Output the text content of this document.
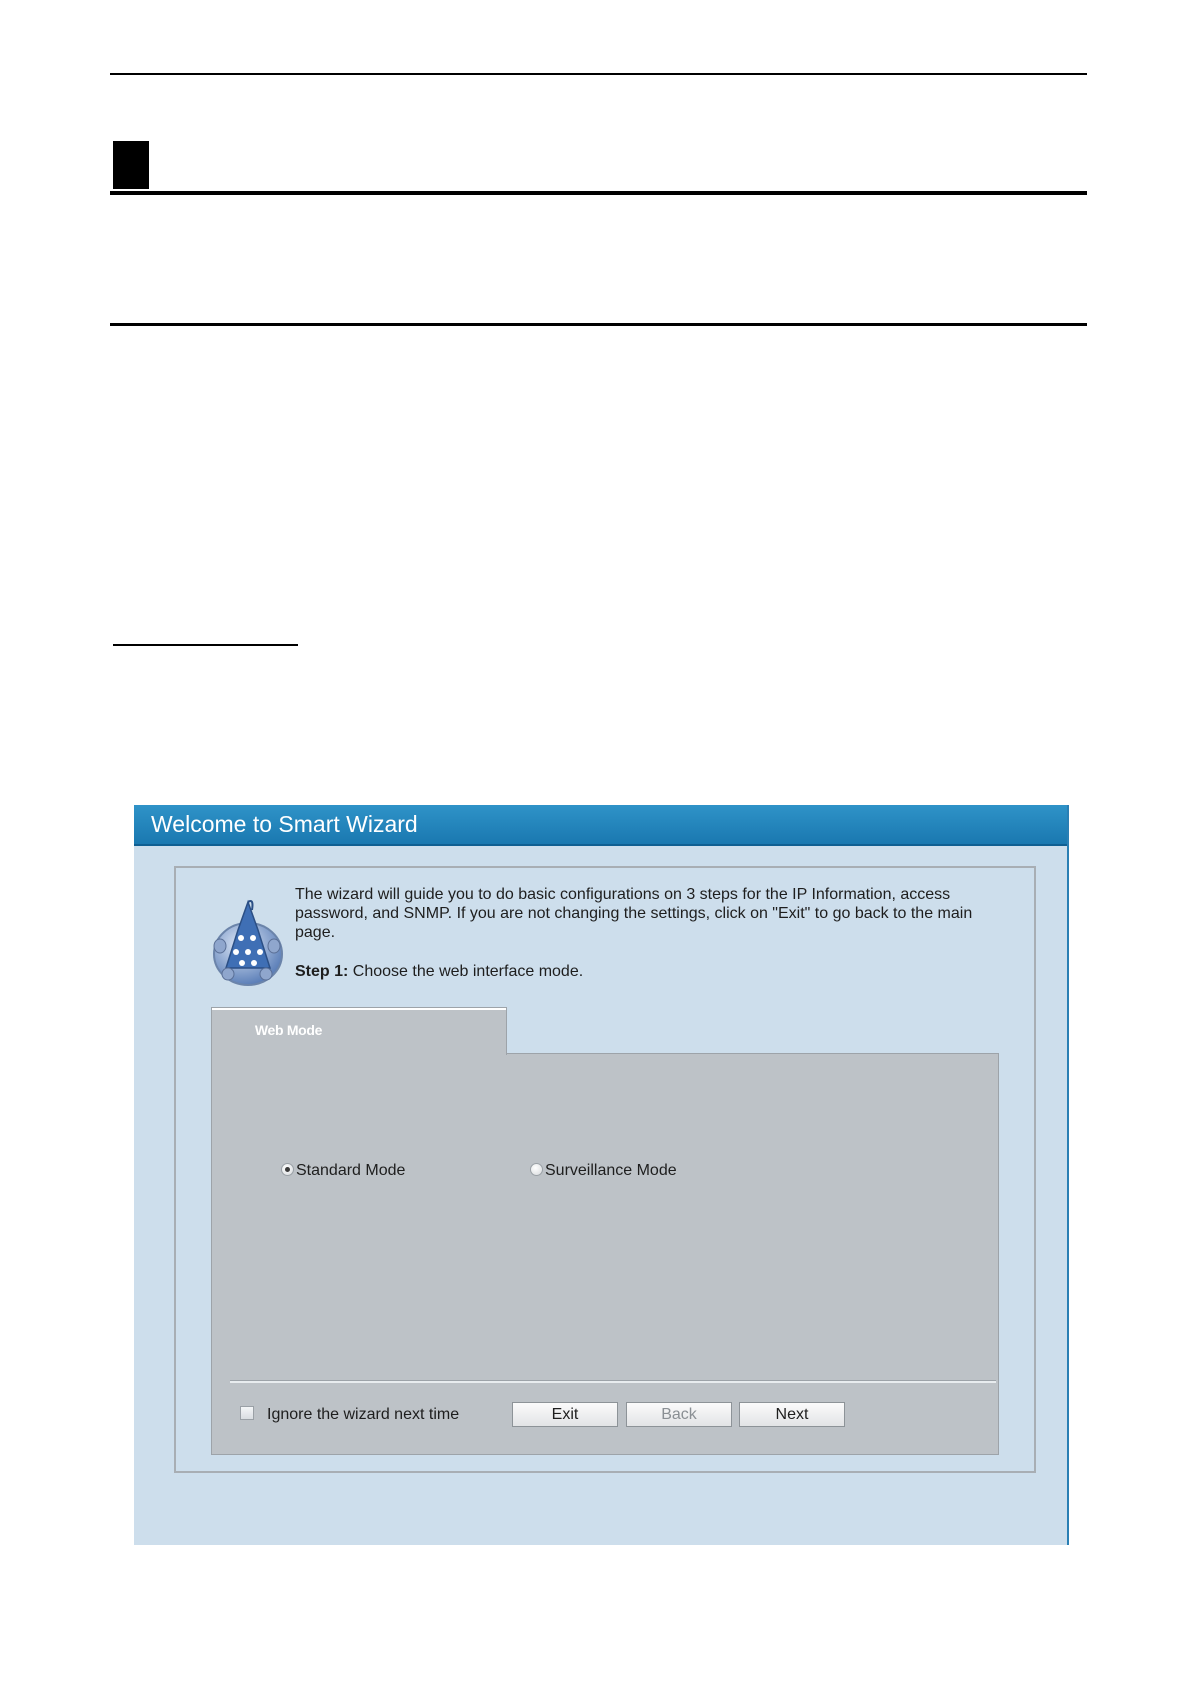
Welcome to Smart Wizard
The wizard will guide you to do basic configurations on 3 steps for the IP Information, access password, and SNMP. If you are not changing the settings, click on "Exit" to go back to the main page.
Step 1: Choose the web interface mode.
Standard Mode	Surveillance Mode
Ignore the wizard next time	Exit	Back	Next
Web Mode
